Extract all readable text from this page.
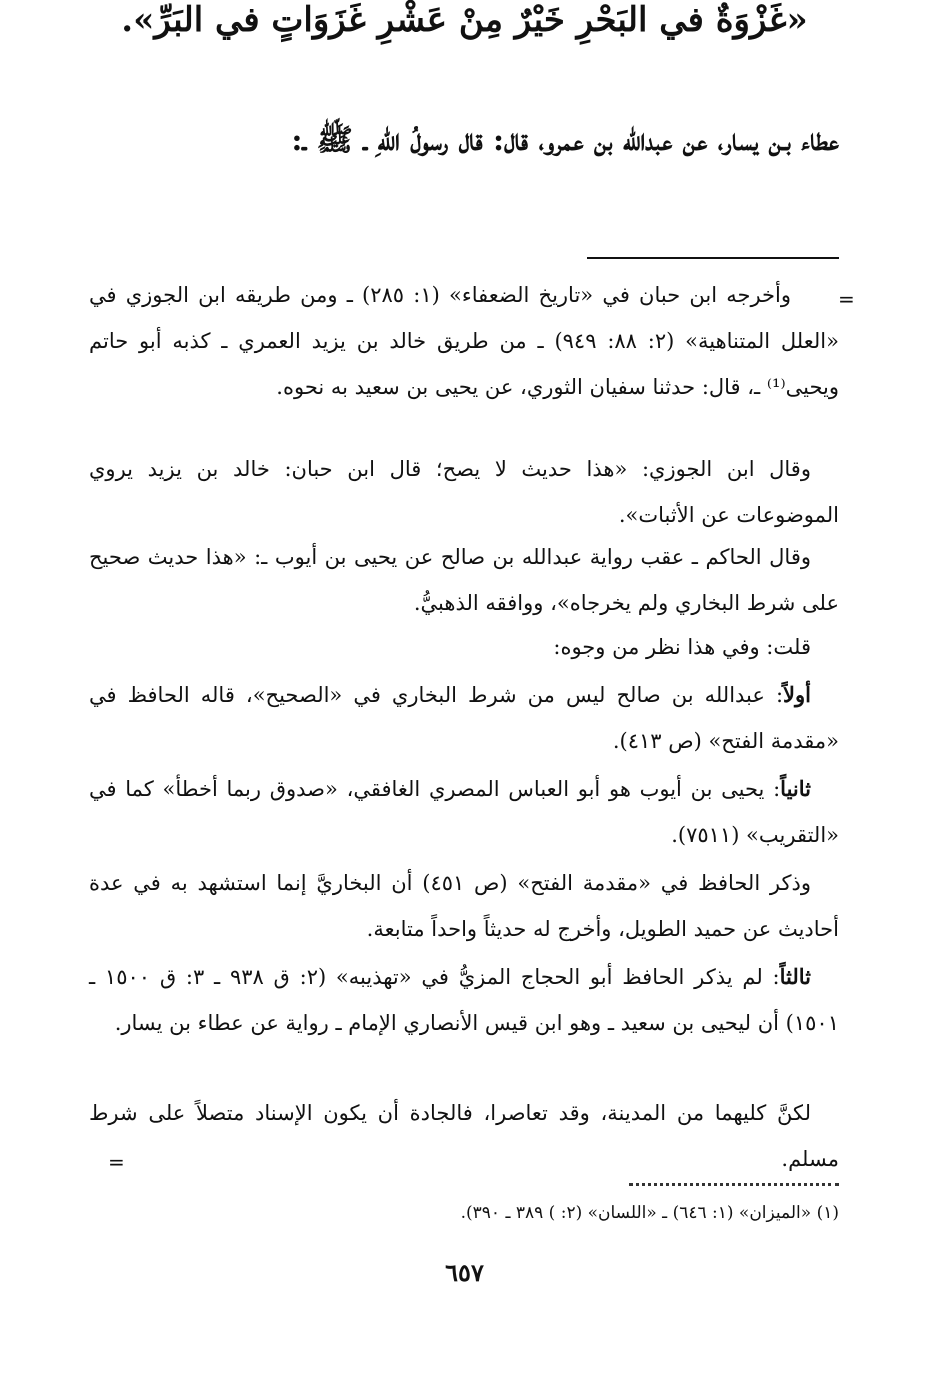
عطاء بـن يسار، عن عبدالله بن عمرو، قال: قال رسولُ اللهِ ـ ﷺ ـ:
«غَزْوَةٌ في البَحْرِ خَيْرٌ مِنْ عَشْرِ غَزَوَاتٍ في البَرِّ».
=
وأخرجه ابن حبان في «تاريخ الضعفاء» (١: ٢٨٥) ـ ومن طريقه ابن الجوزي في «العلل المتناهية» (٢: ٨٨: ٩٤٩) ـ من طريق خالد بن يزيد العمري ـ كذبه أبو حاتم ويحيى⁽¹⁾ ـ، قال: حدثنا سفيان الثوري، عن يحيى بن سعيد به نحوه.
وقال ابن الجوزي: «هذا حديث لا يصح؛ قال ابن حبان: خالد بن يزيد يروي الموضوعات عن الأثبات».
وقال الحاكم ـ عقب رواية عبدالله بن صالح عن يحيى بن أيوب ـ: «هذا حديث صحيح على شرط البخاري ولم يخرجاه»، ووافقه الذهبيُّ.
قلت: وفي هذا نظر من وجوه:
أولاً: عبدالله بن صالح ليس من شرط البخاري في «الصحيح»، قاله الحافظ في «مقدمة الفتح» (ص ٤١٣).
ثانياً: يحيى بن أيوب هو أبو العباس المصري الغافقي، «صدوق ربما أخطأ» كما في «التقريب» (٧٥١١).
وذكر الحافظ في «مقدمة الفتح» (ص ٤٥١) أن البخاريَّ إنما استشهد به في عدة أحاديث عن حميد الطويل، وأخرج له حديثاً واحداً متابعة.
ثالثاً: لم يذكر الحافظ أبو الحجاج المزيُّ في «تهذيبه» (٢: ق ٩٣٨ ـ ٣: ق ١٥٠٠ ـ ١٥٠١) أن ليحيى بن سعيد ـ وهو ابن قيس الأنصاري الإمام ـ رواية عن عطاء بن يسار.
لكنَّ كليهما من المدينة، وقد تعاصرا، فالجادة أن يكون الإسناد متصلاً على شرط مسلم.
=
(١) «الميزان» (١: ٦٤٦) ـ «اللسان» (٢: ) ٣٨٩ ـ ٣٩٠).
٦٥٧
